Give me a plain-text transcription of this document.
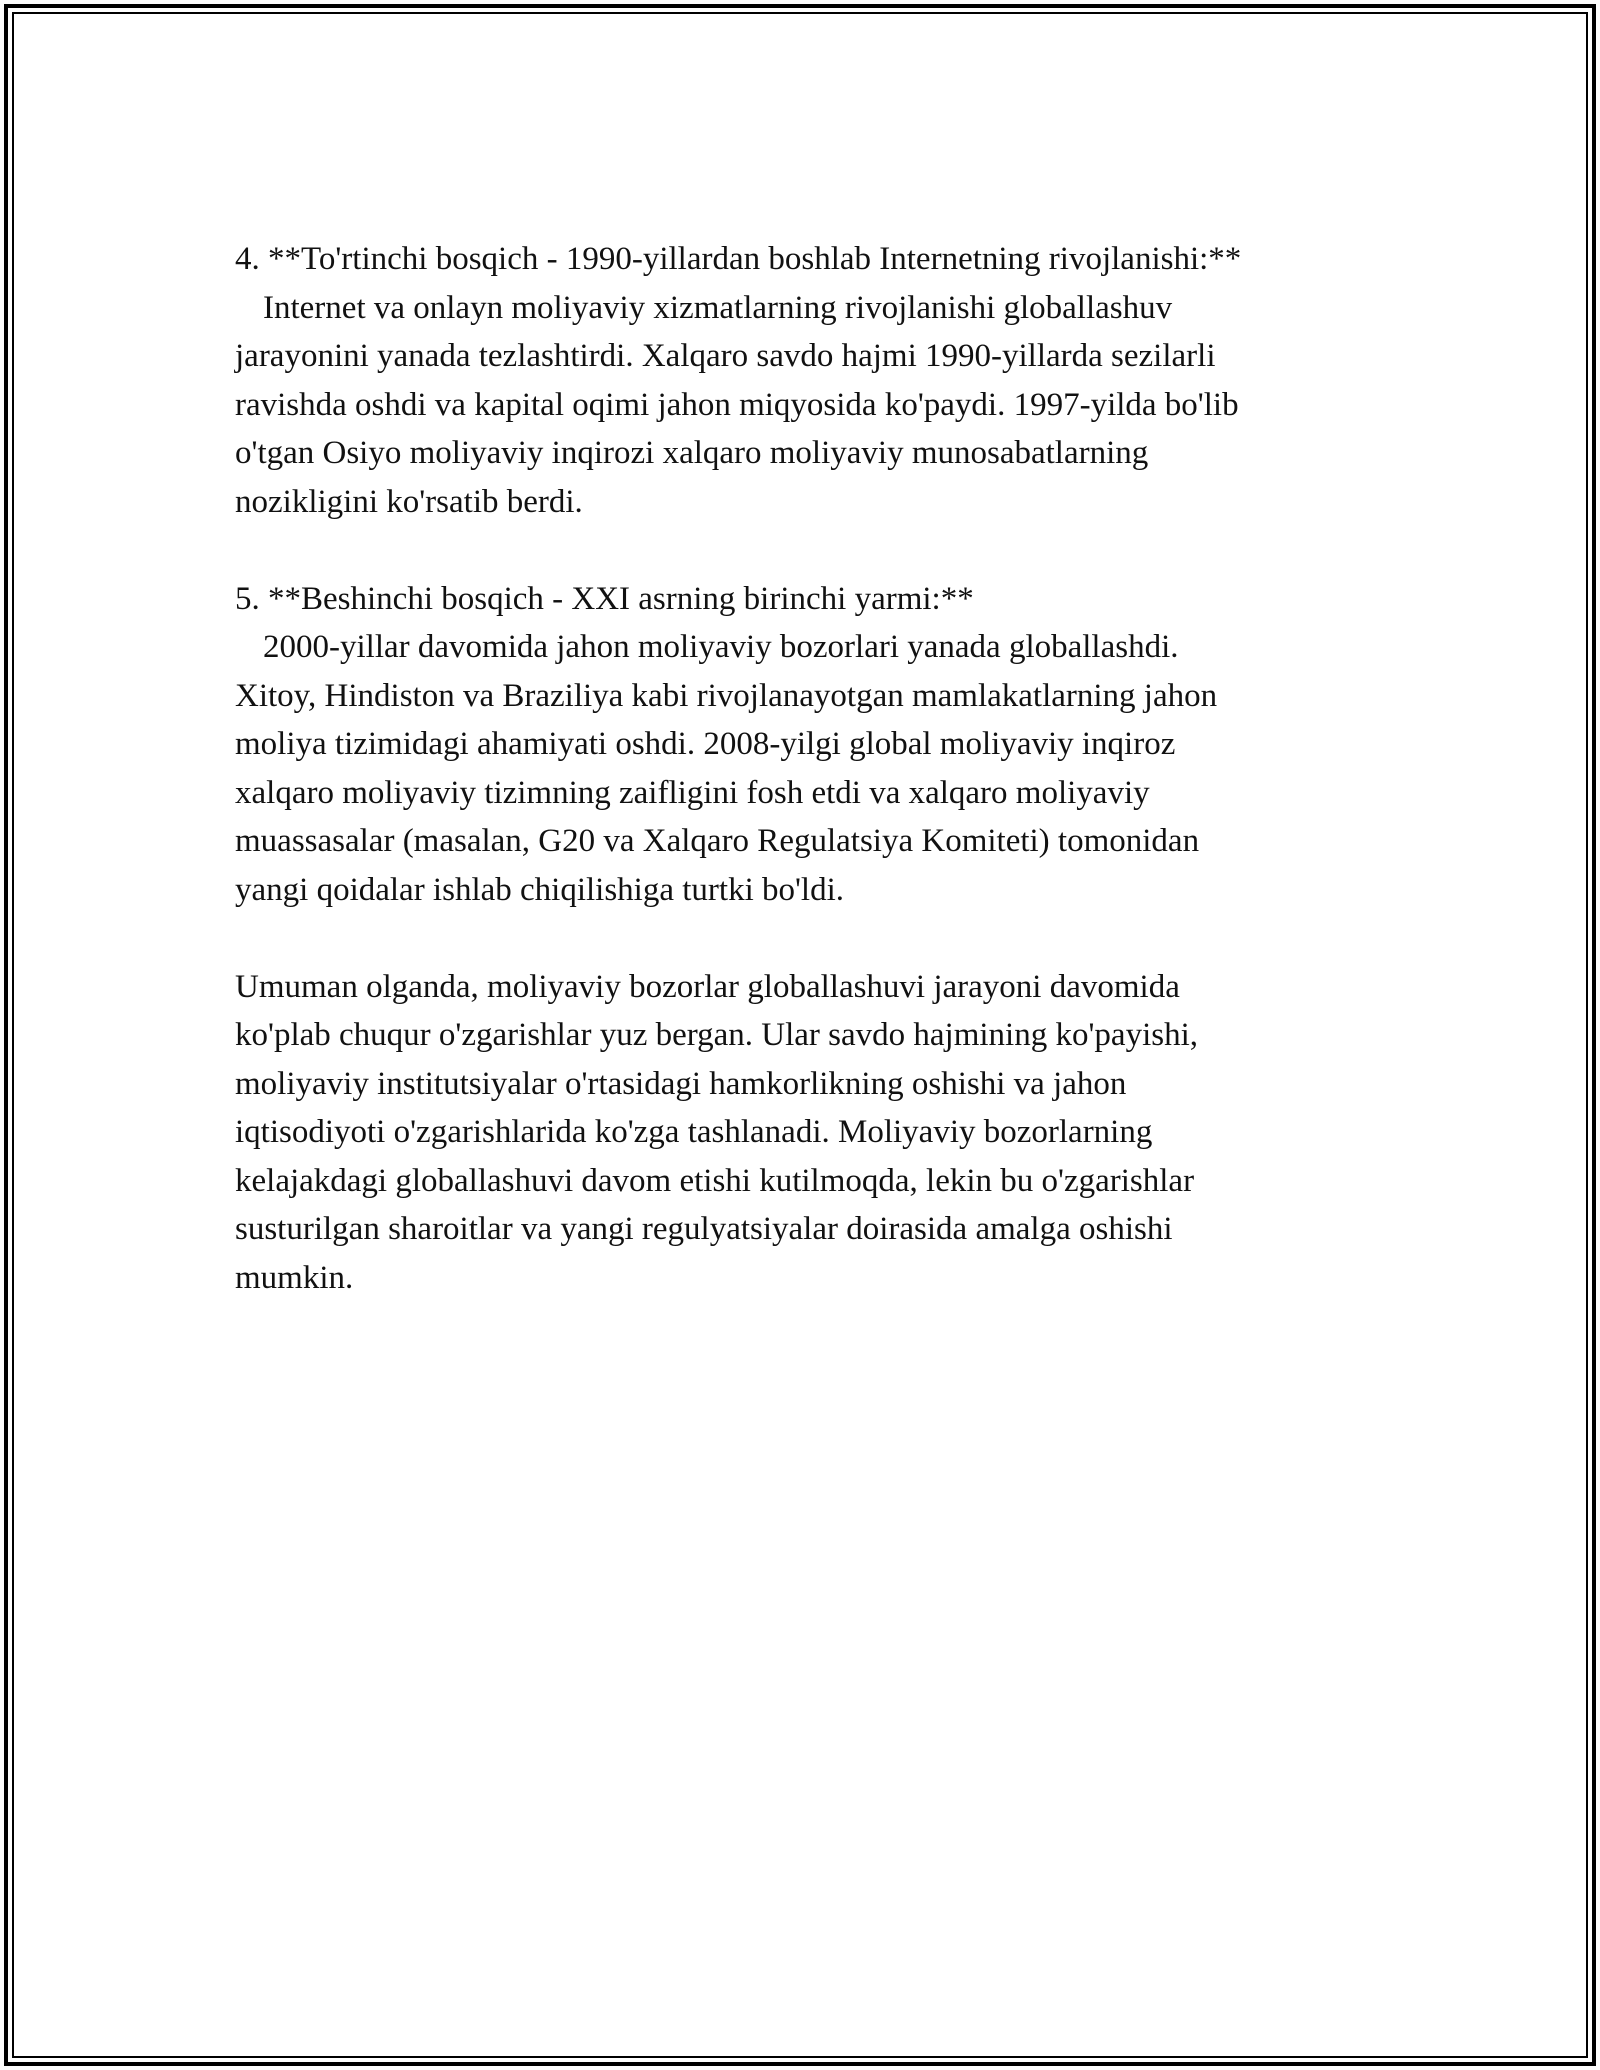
4. **To'rtinchi bosqich - 1990-yillardan boshlab Internetning rivojlanishi:**
Internet va onlayn moliyaviy xizmatlarning rivojlanishi globallashuv
jarayonini yanada tezlashtirdi. Xalqaro savdo hajmi 1990-yillarda sezilarli
ravishda oshdi va kapital oqimi jahon miqyosida ko'paydi. 1997-yilda bo'lib
o'tgan Osiyo moliyaviy inqirozi xalqaro moliyaviy munosabatlarning
nozikligini ko'rsatib berdi.
5. **Beshinchi bosqich - XXI asrning birinchi yarmi:**
2000-yillar davomida jahon moliyaviy bozorlari yanada globallashdi.
Xitoy, Hindiston va Braziliya kabi rivojlanayotgan mamlakatlarning jahon
moliya tizimidagi ahamiyati oshdi. 2008-yilgi global moliyaviy inqiroz
xalqaro moliyaviy tizimning zaifligini fosh etdi va xalqaro moliyaviy
muassasalar (masalan, G20 va Xalqaro Regulatsiya Komiteti) tomonidan
yangi qoidalar ishlab chiqilishiga turtki bo'ldi.
Umuman olganda, moliyaviy bozorlar globallashuvi jarayoni davomida
ko'plab chuqur o'zgarishlar yuz bergan. Ular savdo hajmining ko'payishi,
moliyaviy institutsiyalar o'rtasidagi hamkorlikning oshishi va jahon
iqtisodiyoti o'zgarishlarida ko'zga tashlanadi. Moliyaviy bozorlarning
kelajakdagi globallashuvi davom etishi kutilmoqda, lekin bu o'zgarishlar
susturilgan sharoitlar va yangi regulyatsiyalar doirasida amalga oshishi
mumkin.
